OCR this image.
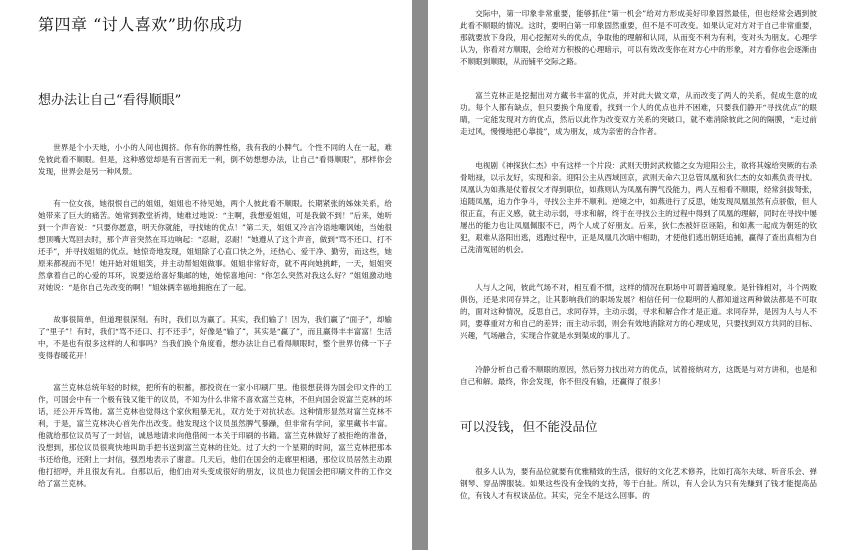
第四章 “讨人喜欢”助你成功
想办法让自己“看得顺眼”

世界是个小天地，小小的人间也拥挤。你有你的脾性格，我有我的小脾气。个性不同的人在一起，难免彼此看不顺眼。但是，这种感觉却是有百害而无一利，倒不妨想想办法，让自己“看得顺眼”，那样你会发现，世界会是另一种风景。

有一位女孩，她很恨自己的姐姐，姐姐也不待见她，两个人彼此看不顺眼。长期紧张的姊妹关系，给她带来了巨大的痛苦。她常到教堂祈祷，她难过地说：“主啊，我想爱姐姐，可是我做不到！”后来，她听到一个声音说：“只要你愿意，明天你就能，寻找她的优点！”第二天，姐姐又冷言冷语地嘲讽她，当她很想顶嘴大骂回去时，那个声音突然在耳边响起：“忍耐，忍耐！”她遵从了这个声音，做到“骂不还口、打不还手”，并寻找姐姐的优点。她惊奇地发现，姐姐除了心直口快之外，还热心、爱干净、勤劳，而这些，她原来都视而不见！她开始对姐姐笑，并主动帮姐姐做事。姐姐非常好奇，就不再向她挑衅，一天，姐姐突然拿着自己的心爱的耳环，说要送给喜好集邮的她，她惊喜地问：“你怎么突然对我这么好？”姐姐激动地对她说：“是你自己先改变的啊！”姐妹俩幸福地拥抱在了一起。

故事很简单，但道理很深刻。有时，我们以为赢了。其实，我们输了！因为，我们赢了“面子”，却输了“里子”！有时，我们“骂不还口、打不还手”，好像是“输了”，其实是“赢了”，而且赢得丰丰富富！生活中，不是也有很多这样的人和事吗？当我们换个角度看，想办法让自己看得顺眼时，整个世界仿佛一下子变得春暖花开！

富兰克林总统年轻的时候，把所有的积蓄，都投资在一家小印刷厂里。他很想获得为国会印文件的工作，可国会中有一个极有钱又能干的议员，不知为什么非常不喜欢富兰克林，不但向国会说富兰克林的坏话，还公开斥骂他。富兰克林也觉得这个家伙粗暴无礼，双方处于对抗状态。这种情形显然对富兰克林不利，于是，富兰克林决心首先作出改变。他发现这个议员虽然脾气暴躁，但非常有学问，家里藏书丰富。他就给那位议员写了一封信，诚恳地请求向他借阅一本关于印刷的书籍。富兰克林做好了被拒绝的准备，没想到，那位议员很爽快地叫助手把书送到富兰克林的住处。过了大约一个星期的时间，富兰克林把那本书还给他，还附上一封信，强烈地表示了谢意。几天后，他们在国会的走廊里相遇，那位议员居然主动跟他打招呼，并且很友有礼。自那以后，他们由对头变成很好的朋友，议员也力促国会把印刷文件的工作交给了富兰克林。

交际中，第一印象非常重要，能够抓住“第一机会”给对方形成美好印象固然最佳，但也经常会遇到彼此看不顺眼的情况。这时，要明白第一印象固然重要，但不是不可改变。如果认定对方对于自己非常重要，那就要放下身段，用心挖掘对头的优点，争取他的理解和认同，从而变不利为有利，变对头为朋友。心理学认为，你看对方顺眼，会给对方积极的心理暗示，可以有效改变你在对方心中的形象，对方看你也会逐渐由不顺眼到顺眼，从而铺平交际之路。

富兰克林正是挖掘出对方藏书丰富的优点，并对此大做文章，从而改变了两人的关系，促成生意的成功。每个人都有缺点，但只要换个角度看，找到一个人的优点也并不困难，只要我们静开“寻找优点”的眼睛，一定能发现对方的优点，然后以此作为改变双方关系的突破口，就不难消除彼此之间的隔膜，“走过前走过风，慢慢地把心靠拢”，成为朋友，成为亲密的合作者。

电视剧《神探狄仁杰》中有这样一个片段：武则天册封武攸德之女为迎阳公主，欲将其嫁给突厥的右杀骨咄禄，以示友好，实现和亲。迎阳公主从西域回京，武则天命六卫总管凤凰和狄仁杰的女如燕负责寻找。凤凰认为如燕是仗着叔父才得到职位，如燕则认为凤凰有脾气没能力，两人互相看不顺眼，经常剑拔弩张，追随凤凰，追力作争斗，寻找公主并不顺利。逆境之中，如燕进行了反思，她发现凤凰虽然有点骄傲，但人很正直，有正义感，就主动示弱，寻求和解，终于在寻找公主的过程中得到了凤凰的理解，同时在寻找中屡屡出的能力也让凤凰佩服不已，两个人成了好朋友。后来，狄仁杰被奸臣诬陷，和如燕一起成为朝廷的钦犯，艰难从洛阳出逃，逃跑过程中，正是凤凰几次暗中相助，才使他们逃出朝廷追捕，赢得了查出真相为自己洗清冤屈的机会。

人与人之间，彼此气场不对，相互看不惯，这样的情况在职场中可谓普遍现象。是针锋相对，斗个两败俱伤，还是求同存异之，让其影响我们的职场发展？相信任何一位聪明的人都知道这两种做法都是不可取的，面对这种情况，反思自己，求同存异，主动示弱，寻求和解合作才是正道。求同存异，是因为人与人不同，要尊重对方和自己的差异；而主动示弱，则会有效地消除对方的心理成见，只要找到双方共同的目标、兴趣，气场融合，实现合作就是水到渠成的事儿了。

冷静分析自己看不顺眼的原因，然后努力找出对方的优点，试着接纳对方，这既是与对方讲和，也是和自己和解。最终，你会发现，你不但没有输，还赢得了很多！

可以没钱，但不能没品位

很多人认为，要有品位就要有优雅精致的生活，很好的文化艺术修养，比如打高尔夫球、听音乐会、弹钢琴、穿品牌服装。如果这些没有金钱的支持，等于白扯。所以，有人会认为只有先赚到了钱才能提高品位，有钱人才有权谈品位。其实，完全不是这么回事。的
